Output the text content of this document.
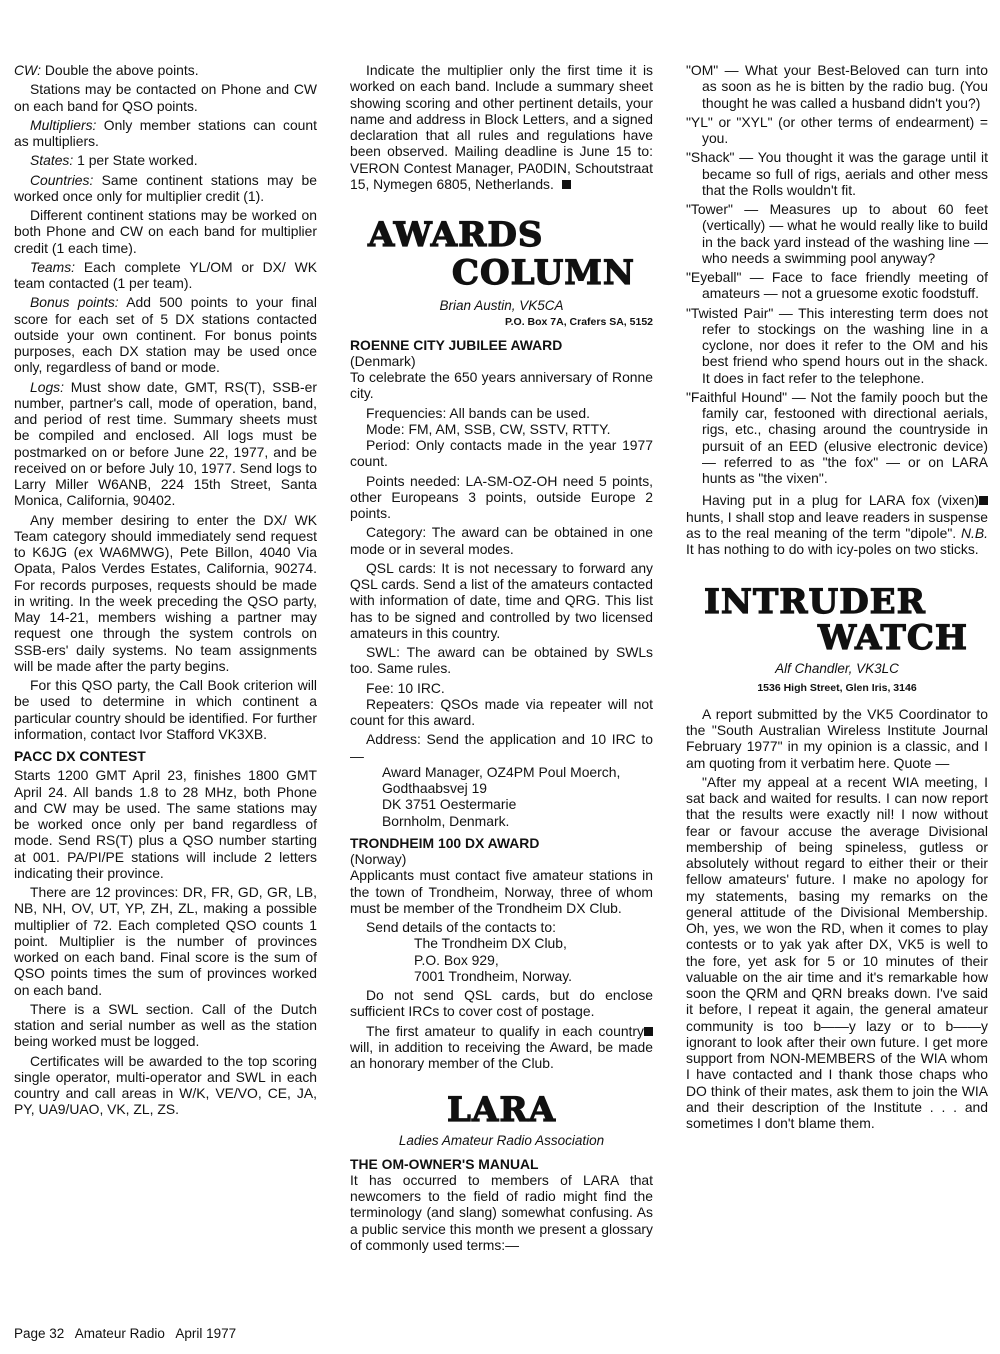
CW: Double the above points.

Stations may be contacted on Phone and CW on each band for QSO points.

Multipliers: Only member stations can count as multipliers.

States: 1 per State worked.

Countries: Same continent stations may be worked once only for multiplier credit (1).

Different continent stations may be worked on both Phone and CW on each band for multiplier credit (1 each time).

Teams: Each complete YL/OM or DX/ WK team contacted (1 per team).

Bonus points: Add 500 points to your final score for each set of 5 DX stations contacted outside your own continent. For bonus points purposes, each DX station may be used once only, regardless of band or mode.

Logs: Must show date, GMT, RS(T), SSB-er number, partner's call, mode of operation, band, and period of rest time. Summary sheets must be compiled and enclosed. All logs must be postmarked on or before June 22, 1977, and be received on or before July 10, 1977. Send logs to Larry Miller W6ANB, 224 15th Street, Santa Monica, California, 90402.

Any member desiring to enter the DX/ WK Team category should immediately send request to K6JG (ex WA6MWG), Pete Billon, 4040 Via Opata, Palos Verdes Estates, California, 90274. For records purposes, requests should be made in writing. In the week preceding the QSO party, May 14-21, members wishing a partner may request one through the system controls on SSB-ers' daily systems. No team assignments will be made after the party begins.

For this QSO party, the Call Book criterion will be used to determine in which continent a particular country should be identified. For further information, contact Ivor Stafford VK3XB.

PACC DX CONTEST

Starts 1200 GMT April 23, finishes 1800 GMT April 24. All bands 1.8 to 28 MHz, both Phone and CW may be used. The same stations may be worked once only per band regardless of mode. Send RS(T) plus a QSO number starting at 001. PA/PI/PE stations will include 2 letters indicating their province.

There are 12 provinces: DR, FR, GD, GR, LB, NB, NH, OV, UT, YP, ZH, ZL, making a possible multiplier of 72. Each completed QSO counts 1 point. Multiplier is the number of provinces worked on each band. Final score is the sum of QSO points times the sum of provinces worked on each band.

There is a SWL section. Call of the Dutch station and serial number as well as the station being worked must be logged.

Certificates will be awarded to the top scoring single operator, multi-operator and SWL in each country and call areas in W/K, VE/VO, CE, JA, PY, UA9/UAO, VK, ZL, ZS.

Indicate the multiplier only the first time it is worked on each band. Include a summary sheet showing scoring and other pertinent details, your name and address in Block Letters, and a signed declaration that all rules and regulations have been observed. Mailing deadline is June 15 to: VERON Contest Manager, PA0DIN, Schoutstraat 15, Nymegen 6805, Netherlands.

AWARDS
COLUMN

Brian Austin, VK5CA

P.O. Box 7A, Crafers SA, 5152

ROENNE CITY JUBILEE AWARD

(Denmark)

To celebrate the 650 years anniversary of Ronne city.

Frequencies: All bands can be used.

Mode: FM, AM, SSB, CW, SSTV, RTTY.

Period: Only contacts made in the year 1977 count.

Points needed: LA-SM-OZ-OH need 5 points, other Europeans 3 points, outside Europe 2 points.

Category: The award can be obtained in one mode or in several modes.

QSL cards: It is not necessary to forward any QSL cards. Send a list of the amateurs contacted with information of date, time and QRG. This list has to be signed and controlled by two licensed amateurs in this country.

SWL: The award can be obtained by SWLs too. Same rules.

Fee: 10 IRC.

Repeaters: QSOs made via repeater will not count for this award.

Address: Send the application and 10 IRC to —

Award Manager, OZ4PM Poul Moerch,

Godthaabsvej 19

DK 3751 Oestermarie

Bornholm, Denmark.

TRONDHEIM 100 DX AWARD

(Norway)

Applicants must contact five amateur stations in the town of Trondheim, Norway, three of whom must be member of the Trondheim DX Club.

Send details of the contacts to:

The Trondheim DX Club,

P.O. Box 929,

7001 Trondheim, Norway.

Do not send QSL cards, but do enclose sufficient IRCs to cover cost of postage.

The first amateur to qualify in each country will, in addition to receiving the Award, be made an honorary member of the Club.

LARA

Ladies Amateur Radio Association

THE OM-OWNER'S MANUAL

It has occurred to members of LARA that newcomers to the field of radio might find the terminology (and slang) somewhat confusing. As a public service this month we present a glossary of commonly used terms:—

"OM" — What your Best-Beloved can turn into as soon as he is bitten by the radio bug. (You thought he was called a husband didn't you?)

"YL" or "XYL" (or other terms of endearment) = you.

"Shack" — You thought it was the garage until it became so full of rigs, aerials and other mess that the Rolls wouldn't fit.

"Tower" — Measures up to about 60 feet (vertically) — what he would really like to build in the back yard instead of the washing line — who needs a swimming pool anyway?

"Eyeball" — Face to face friendly meeting of amateurs — not a gruesome exotic foodstuff.

"Twisted Pair" — This interesting term does not refer to stockings on the washing line in a cyclone, nor does it refer to the OM and his best friend who spend hours out in the shack. It does in fact refer to the telephone.

"Faithful Hound" — Not the family pooch but the family car, festooned with directional aerials, rigs, etc., chasing around the countryside in pursuit of an EED (elusive electronic device) — referred to as "the fox" — or on LARA hunts as "the vixen".

Having put in a plug for LARA fox (vixen) hunts, I shall stop and leave readers in suspense as to the real meaning of the term "dipole". N.B. It has nothing to do with icy-poles on two sticks.

INTRUDER
WATCH

Alf Chandler, VK3LC

1536 High Street, Glen Iris, 3146

A report submitted by the VK5 Coordinator to the "South Australian Wireless Institute Journal February 1977" in my opinion is a classic, and I am quoting from it verbatim here. Quote —

"After my appeal at a recent WIA meeting, I sat back and waited for results. I can now report that the results were exactly nil! I now without fear or favour accuse the average Divisional membership of being spineless, gutless or absolutely without regard to either their or their fellow amateurs' future. I make no apology for my statements, basing my remarks on the general attitude of the Divisional Membership. Oh, yes, we won the RD, when it comes to play contests or to yak yak after DX, VK5 is well to the fore, yet ask for 5 or 10 minutes of their valuable on the air time and it's remarkable how soon the QRM and QRN breaks down. I've said it before, I repeat it again, the general amateur community is too b——y lazy or to b——y ignorant to look after their own future. I get more support from NON-MEMBERS of the WIA whom I have contacted and I thank those chaps who DO think of their mates, ask them to join the WIA and their description of the Institute . . . and sometimes I don't blame them.

Page 32   Amateur Radio   April 1977
